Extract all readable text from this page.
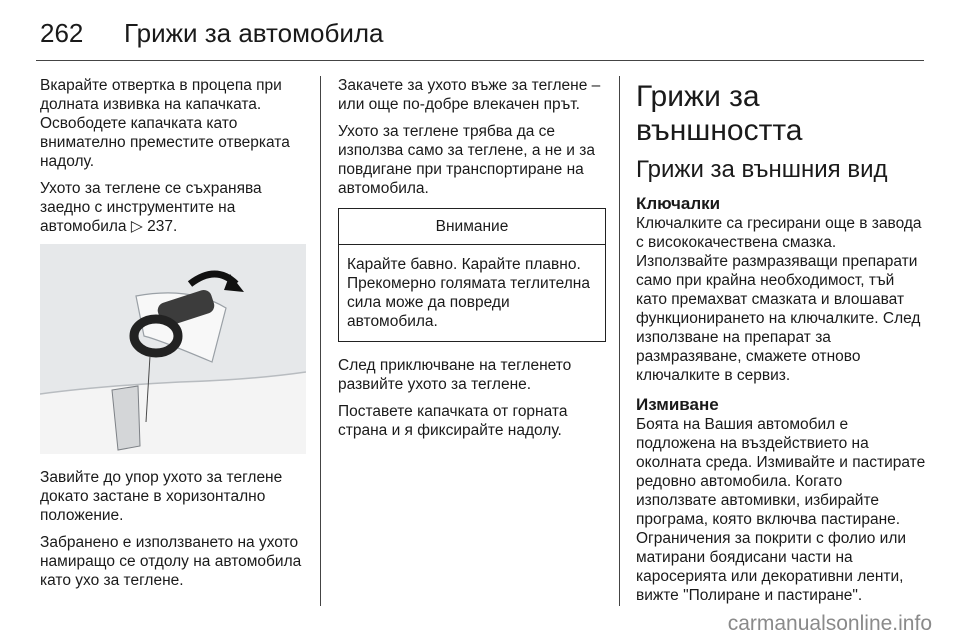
262 Грижи за автомобила

Вкарайте отвертка в процепа при долната извивка на капачката. Освободете капачката като внимателно преместите отверката надолу.

Ухото за теглене се съхранява заедно с инструментите на автомобила ▷ 237.

Завийте до упор ухото за теглене докато застане в хоризонтално положение.

Забранено е използването на ухото намиращо се отдолу на автомобила като ухо за теглене.

Закачете за ухото въже за теглене – или още по-добре влекачен прът.

Ухото за теглене трябва да се използва само за теглене, а не и за повдигане при транспортиране на автомобила.

Внимание
Карайте бавно. Карайте плавно. Прекомерно голямата теглителна сила може да повреди автомобила.

След приключване на тегленето развийте ухото за теглене.

Поставете капачката от горната страна и я фиксирайте надолу.

Грижи за външността
Грижи за външния вид
Ключалки

Ключалките са гресирани още в завода с висококачествена смазка. Използвайте размразяващи препарати само при крайна необходимост, тъй като премахват смазката и влошават функционирането на ключалките. След използване на препарат за размразяване, смажете отново ключалките в сервиз.

Измиване

Боята на Вашия автомобил е подложена на въздействието на околната среда. Измивайте и пастирате редовно автомобила. Когато използвате автомивки, избирайте програма, която включва пастиране. Ограничения за покрити с фолио или матирани боядисани части на каросерията или декоративни ленти, вижте "Полиране и пастиране".

carmanualsonline.info
